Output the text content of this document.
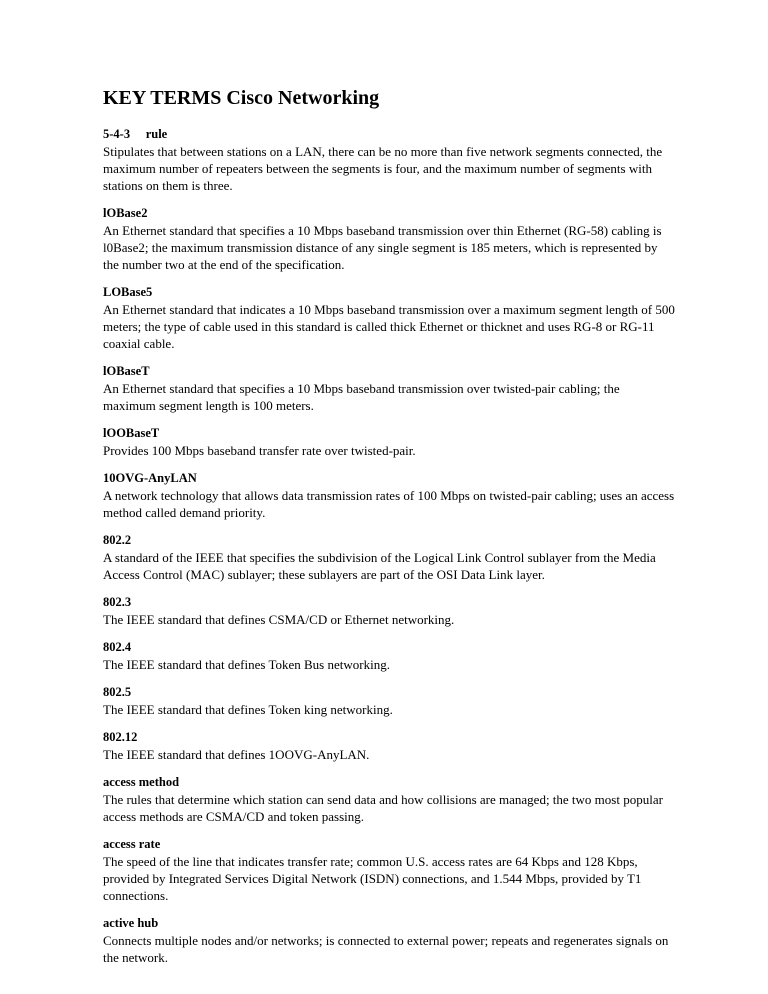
KEY TERMS Cisco Networking
5-4-3     rule
Stipulates that between stations on a LAN, there can be no more than five network segments connected, the maximum number of repeaters between the segments is four, and the maximum number of segments with stations on them is three.
lOBase2
An Ethernet standard that specifies a 10 Mbps baseband transmission over thin Ethernet (RG-58) cabling is l0Base2; the maximum transmission distance of any single segment is 185 meters, which is represented by the number two at the end of the specification.
LOBase5
An Ethernet standard that indicates a 10 Mbps baseband transmission over a maximum segment length of 500 meters; the type of cable used in this standard is called thick Ethernet or thicknet and uses RG-8 or RG-11 coaxial cable.
lOBaseT
An Ethernet standard that specifies a 10 Mbps baseband transmission over twisted-pair cabling; the maximum segment length is 100 meters.
lOOBaseT
Provides 100 Mbps baseband transfer rate over twisted-pair.
10OVG-AnyLAN
A network technology that allows data transmission rates of 100 Mbps on twisted-pair cabling; uses an access method called demand priority.
802.2
A standard of the IEEE that specifies the subdivision of the Logical Link Control sublayer from the Media Access Control (MAC) sublayer; these sublayers are part of the OSI Data Link layer.
802.3
The IEEE standard that defines CSMA/CD or Ethernet networking.
802.4
The IEEE standard that defines Token Bus networking.
802.5
The IEEE standard that defines Token king networking.
802.12
The IEEE standard that defines 1OOVG-AnyLAN.
access method
The rules that determine which station can send data and how collisions are managed; the two most popular access methods are CSMA/CD and token passing.
access rate
The speed of the line that indicates transfer rate; common U.S. access rates are 64 Kbps and 128 Kbps, provided by Integrated Services Digital Network (ISDN) connections, and 1.544 Mbps, provided by T1 connections.
active hub
Connects multiple nodes and/or networks; is connected to external power; repeats and regenerates signals on the network.
